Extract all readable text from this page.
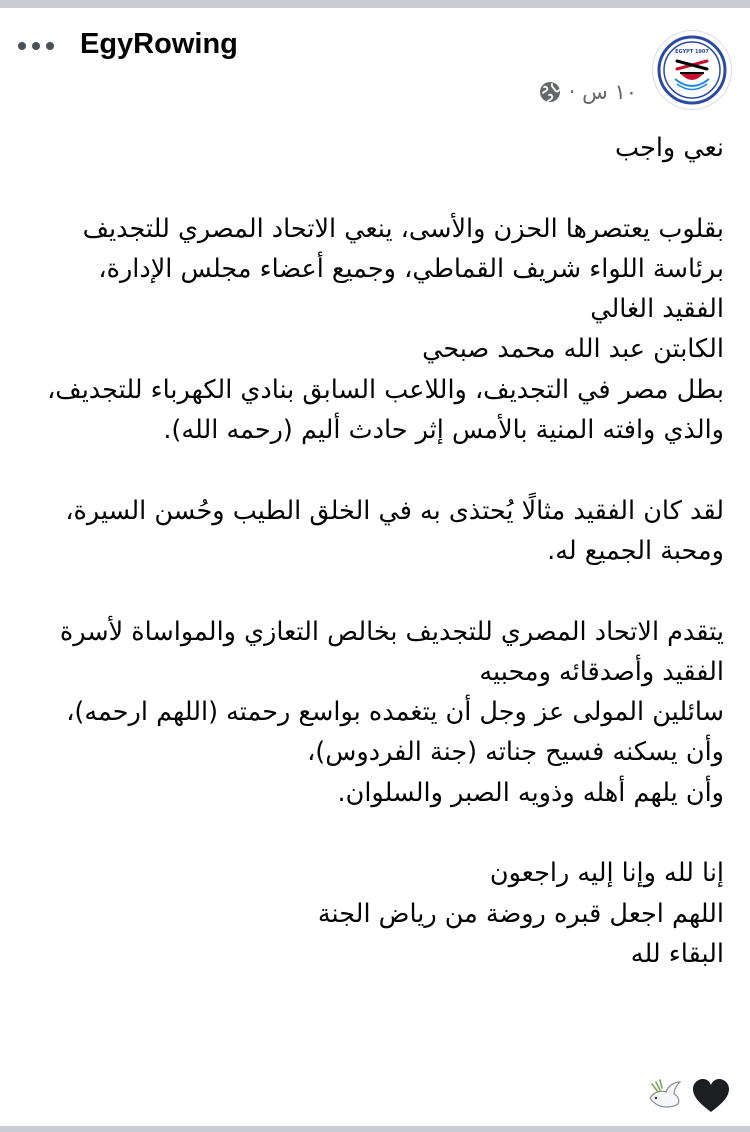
EgyRowing
١٠ س ·
EGYPT 1907

نعي واجب

بقلوب يعتصرها الحزن والأسى، ينعي الاتحاد المصري للتجديف

برئاسة اللواء شريف القماطي، وجميع أعضاء مجلس الإدارة،

الفقيد الغالي

الكابتن عبد الله محمد صبحي

بطل مصر في التجديف، واللاعب السابق بنادي الكهرباء للتجديف،

والذي وافته المنية بالأمس إثر حادث أليم (رحمه الله).

لقد كان الفقيد مثالًا يُحتذى به في الخلق الطيب وحُسن السيرة،

ومحبة الجميع له.

يتقدم الاتحاد المصري للتجديف بخالص التعازي والمواساة لأسرة

الفقيد وأصدقائه ومحبيه

سائلين المولى عز وجل أن يتغمده بواسع رحمته (اللهم ارحمه)،

وأن يسكنه فسيح جناته (جنة الفردوس)،

وأن يلهم أهله وذويه الصبر والسلوان.

إنا لله وإنا إليه راجعون

اللهم اجعل قبره روضة من رياض الجنة

البقاء لله
